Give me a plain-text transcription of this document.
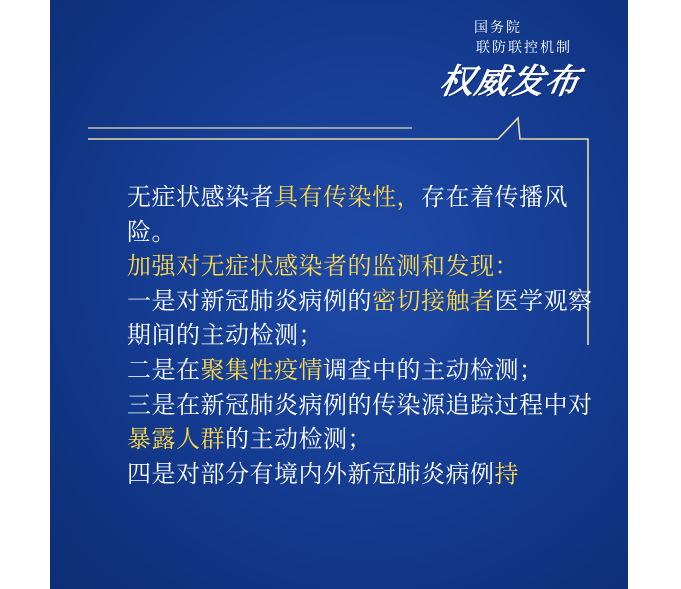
国务院
联防联控机制
权威发布

无症状感染者具有传染性，存在着传播风险。

加强对无症状感染者的监测和发现：

一是对新冠肺炎病例的密切接触者医学观察期间的主动检测；

二是在聚集性疫情调查中的主动检测；

三是在新冠肺炎病例的传染源追踪过程中对暴露人群的主动检测；

四是对部分有境内外新冠肺炎病例持
